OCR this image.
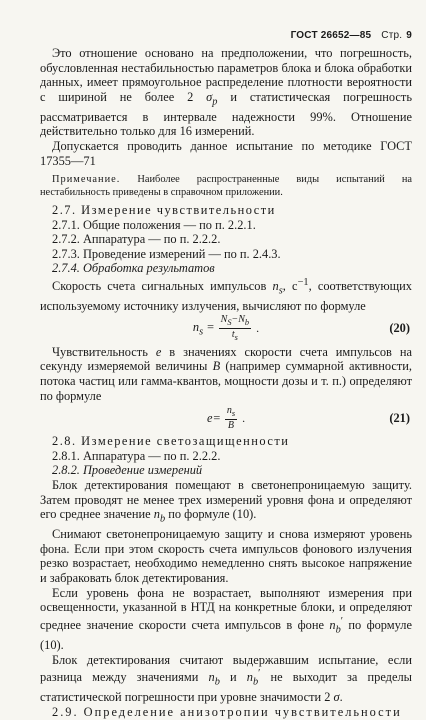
ГОСТ 26652—85 Стр. 9

Это отношение основано на предположении, что погрешность, обусловленная нестабильностью параметров блока и блока обработки данных, имеет прямоугольное распределение плотности вероятности с шириной не более 2 $\sigma_р$ и статистическая погрешность рассматривается в интервале надежности 99%. Отношение действительно только для 16 измерений.

Допускается проводить данное испытание по методике ГОСТ 17355—71

Примечание. Наиболее распространенные виды испытаний на нестабильность приведены в справочном приложении.

2.7. Измерение чувствительности

2.7.1. Общие положения — по п. 2.2.1.

2.7.2. Аппаратура — по п. 2.2.2.

2.7.3. Проведение измерений — по п. 2.4.3.

2.7.4. Обработка результатов

Скорость счета сигнальных импульсов $n_s$, $с^{-1}$, соответствующих используемому источнику излучения, вычисляют по формуле

$n_s = \frac{N_S-N_b}{t_s}$ .	(20)

Чувствительность e в значениях скорости счета импульсов на секунду измеряемой величины B (например суммарной активности, потока частиц или гамма-квантов, мощности дозы и т. п.) определяют по формуле

$e= \frac{n_s}{B}$ .	(21)

2.8. Измерение светозащищенности

2.8.1. Аппаратура — по п. 2.2.2.

2.8.2. Проведение измерений

Блок детектирования помещают в светонепроницаемую защиту. Затем проводят не менее трех измерений уровня фона и определяют его среднее значение $n_b$ по формуле (10).

Снимают светонепроницаемую защиту и снова измеряют уровень фона. Если при этом скорость счета импульсов фонового излучения резко возрастает, необходимо немедленно снять высокое напряжение и забраковать блок детектирования.

Если уровень фона не возрастает, выполняют измерения при освещенности, указанной в НТД на конкретные блоки, и определяют среднее значение скорости счета импульсов в фоне $n_b'$ по формуле (10).

Блок детектирования считают выдержавшим испытание, если разница между значениями $n_b$ и $n_b'$ не выходит за пределы статистической погрешности при уровне значимости 2 σ.

2.9. Определение анизотропии чувствительности
